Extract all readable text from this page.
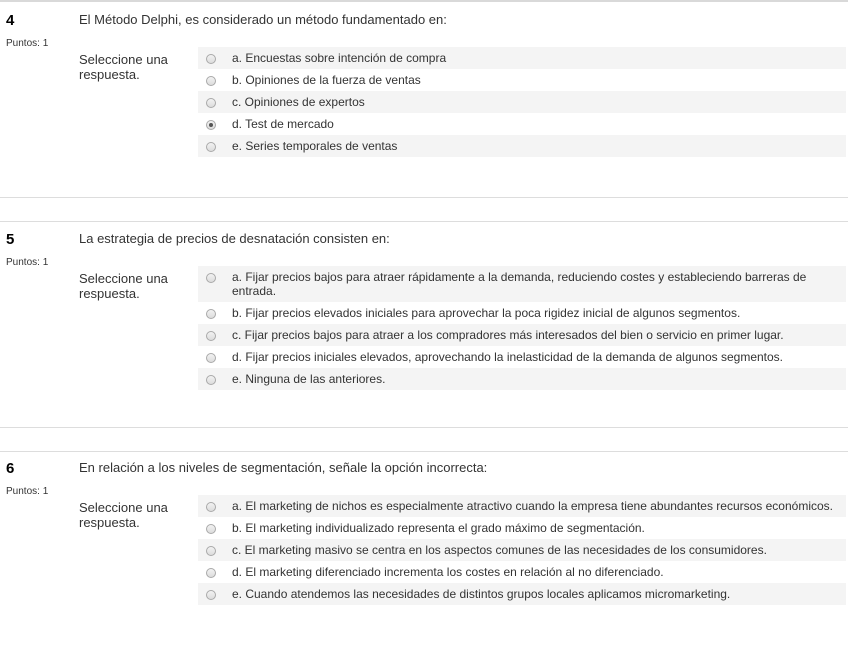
4
Puntos: 1
El Método Delphi, es considerado un método fundamentado en:
Seleccione una respuesta.
a. Encuestas sobre intención de compra
b. Opiniones de la fuerza de ventas
c. Opiniones de expertos
d. Test de mercado
e. Series temporales de ventas
5
Puntos: 1
La estrategia de precios de desnatación consisten en:
Seleccione una respuesta.
a. Fijar precios bajos para atraer rápidamente a la demanda, reduciendo costes y estableciendo barreras de entrada.
b. Fijar precios elevados iniciales para aprovechar la poca rigidez inicial de algunos segmentos.
c. Fijar precios bajos para atraer a los compradores más interesados del bien o servicio en primer lugar.
d. Fijar precios iniciales elevados, aprovechando la inelasticidad de la demanda de algunos segmentos.
e. Ninguna de las anteriores.
6
Puntos: 1
En relación a los niveles de segmentación, señale la opción incorrecta:
Seleccione una respuesta.
a. El marketing de nichos es especialmente atractivo cuando la empresa tiene abundantes recursos económicos.
b. El marketing individualizado representa el grado máximo de segmentación.
c. El marketing masivo se centra en los aspectos comunes de las necesidades de los consumidores.
d. El marketing diferenciado incrementa los costes en relación al no diferenciado.
e. Cuando atendemos las necesidades de distintos grupos locales aplicamos micromarketing.
